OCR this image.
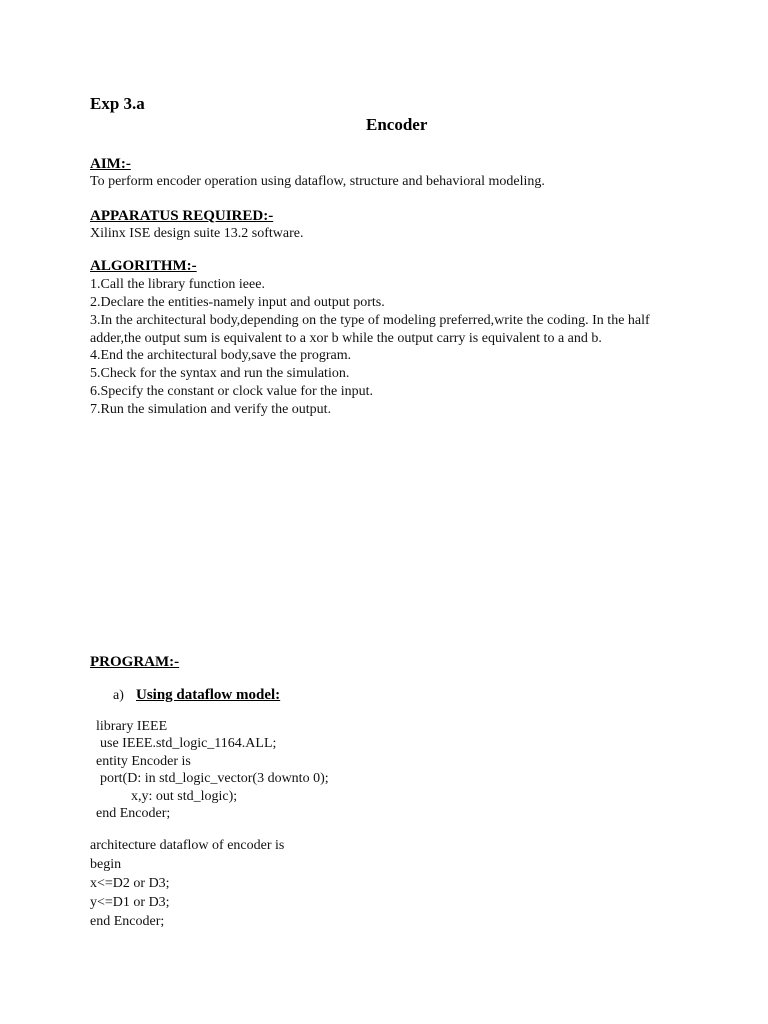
Exp 3.a
Encoder
AIM:-
To perform encoder operation using dataflow, structure and behavioral modeling.
APPARATUS REQUIRED:-
Xilinx ISE design suite 13.2 software.
ALGORITHM:-
1.Call the library function ieee.
2.Declare the entities-namely input and output ports.
3.In the architectural body,depending on the type of modeling preferred,write the coding. In the half adder,the output sum is equivalent to a xor b while the output carry is equivalent to a and b.
4.End the architectural body,save the program.
5.Check for the syntax and run the simulation.
6.Specify the constant or clock value for the input.
7.Run the simulation and verify the output.
PROGRAM:-
a) Using dataflow model:
library IEEE
use IEEE.std_logic_1164.ALL;
entity Encoder is
port(D: in std_logic_vector(3 downto 0);
x,y: out std_logic);
end Encoder;
architecture dataflow of encoder is
begin
x<=D2 or D3;
y<=D1 or D3;
end Encoder;
